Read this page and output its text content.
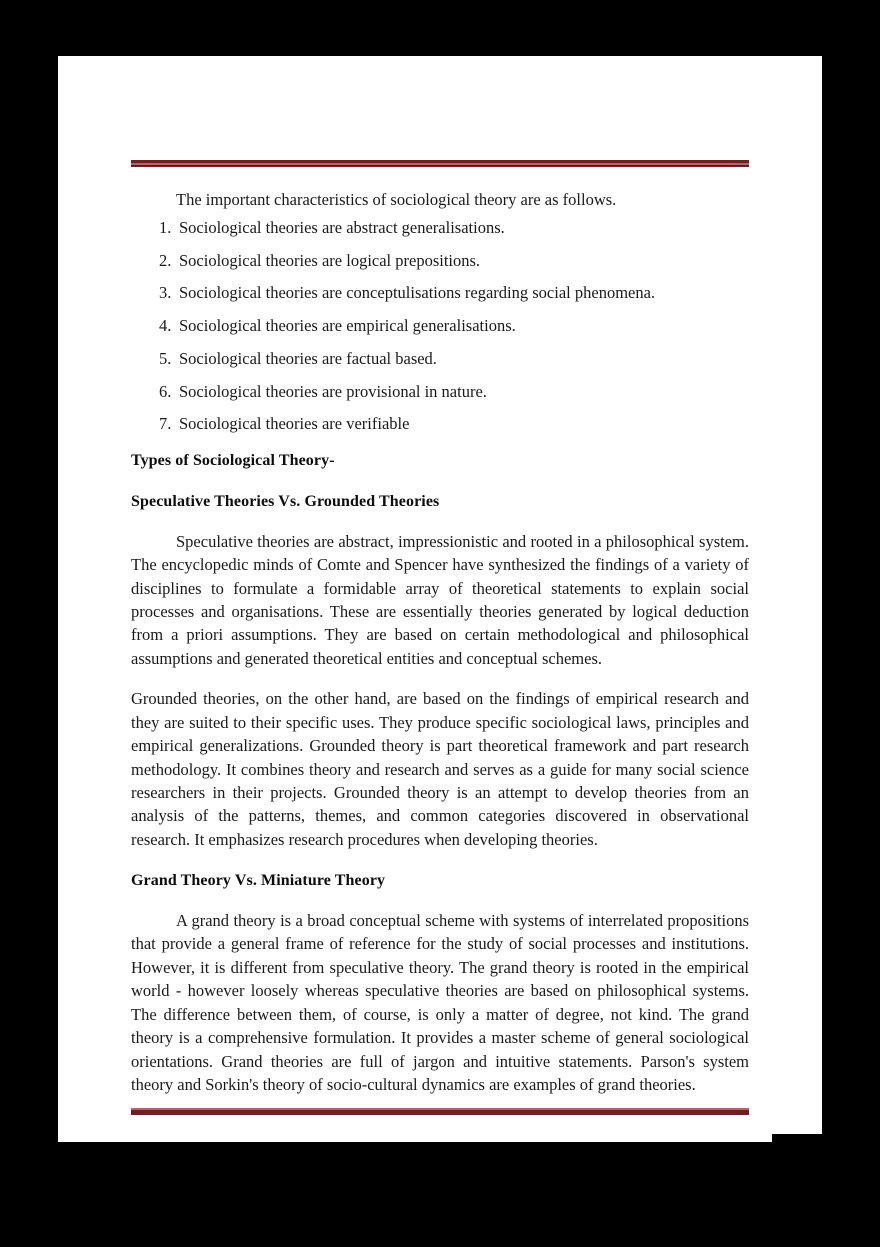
The important characteristics of sociological theory are as follows.

Sociological theories are abstract generalisations.
Sociological theories are logical prepositions.
Sociological theories are conceptulisations regarding social phenomena.
Sociological theories are empirical generalisations.
Sociological theories are factual based.
Sociological theories are provisional in nature.
Sociological theories are verifiable
Types of Sociological Theory-
Speculative Theories Vs. Grounded Theories

Speculative theories are abstract, impressionistic and rooted in a philosophical system. The encyclopedic minds of Comte and Spencer have synthesized the findings of a variety of disciplines to formulate a formidable array of theoretical statements to explain social processes and organisations. These are essentially theories generated by logical deduction from a priori assumptions. They are based on certain methodological and philosophical assumptions and generated theoretical entities and conceptual schemes.

Grounded theories, on the other hand, are based on the findings of empirical research and they are suited to their specific uses. They produce specific sociological laws, principles and empirical generalizations. Grounded theory is part theoretical framework and part research methodology. It combines theory and research and serves as a guide for many social science researchers in their projects. Grounded theory is an attempt to develop theories from an analysis of the patterns, themes, and common categories discovered in observational research. It emphasizes research procedures when developing theories.

Grand Theory Vs. Miniature Theory

A grand theory is a broad conceptual scheme with systems of interrelated propositions that provide a general frame of reference for the study of social processes and institutions. However, it is different from speculative theory. The grand theory is rooted in the empirical world - however loosely whereas speculative theories are based on philosophical systems. The difference between them, of course, is only a matter of degree, not kind. The grand theory is a comprehensive formulation. It provides a master scheme of general sociological orientations. Grand theories are full of jargon and intuitive statements. Parson's system theory and Sorkin's theory of socio-cultural dynamics are examples of grand theories.
